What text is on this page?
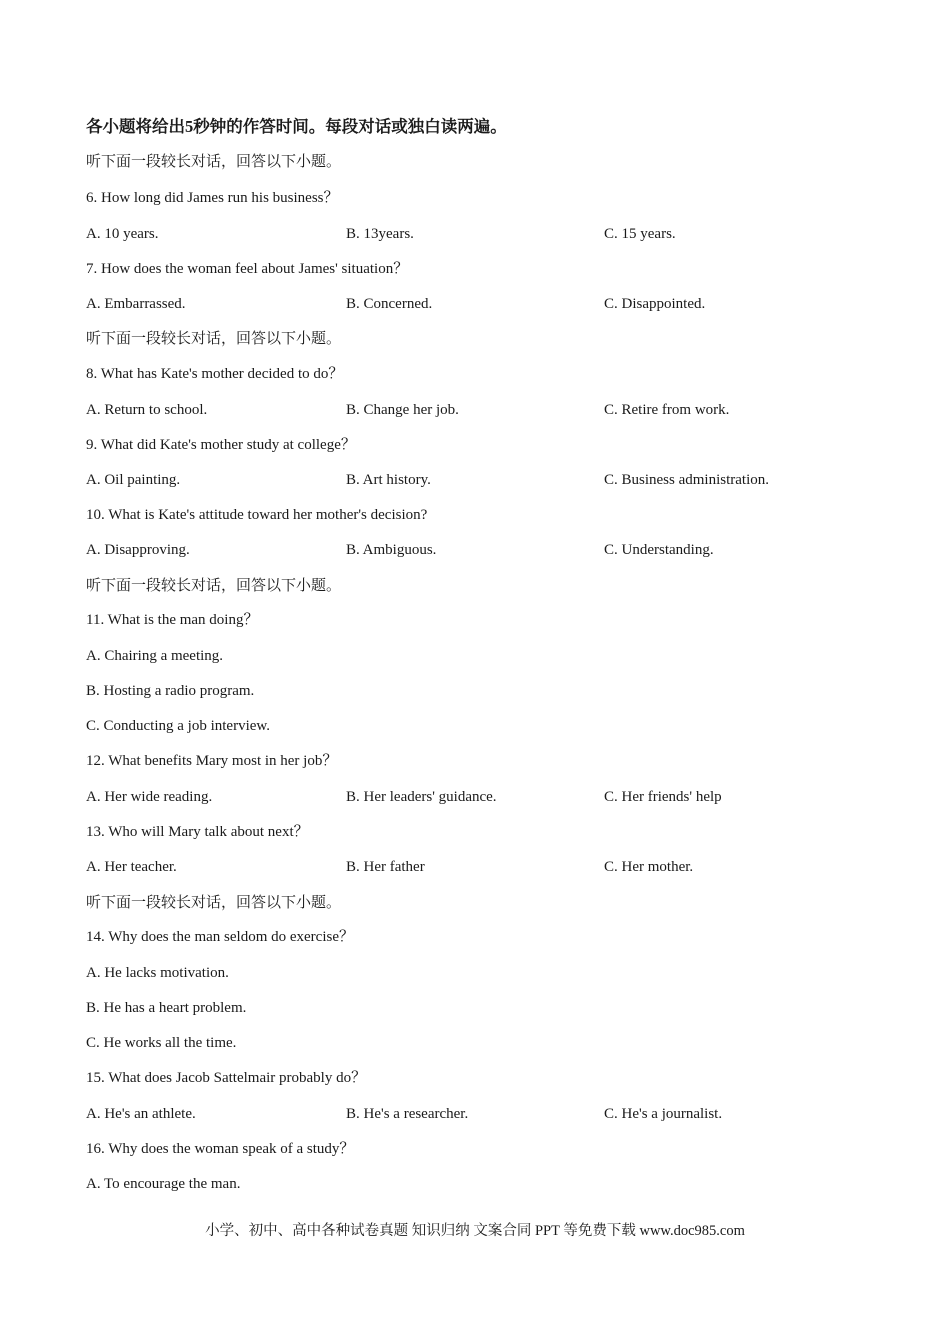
各小题将给出5秒钟的作答时间。每段对话或独白读两遍。
听下面一段较长对话，回答以下小题。
6. How long did James run his business？
A. 10 years.	B. 13years.	C. 15 years.
7. How does the woman feel about James' situation？
A. Embarrassed.	B. Concerned.	C. Disappointed.
听下面一段较长对话，回答以下小题。
8. What has Kate's mother decided to do？
A. Return to school.	B. Change her job.	C. Retire from work.
9. What did Kate's mother study at college？
A. Oil painting.	B. Art history.	C. Business administration.
10. What is Kate's attitude toward her mother's decision?
A. Disapproving.	B. Ambiguous.	C. Understanding.
听下面一段较长对话，回答以下小题。
11. What is the man doing？
A. Chairing a meeting.
B. Hosting a radio program.
C. Conducting a job interview.
12. What benefits Mary most in her job？
A. Her wide reading.	B. Her leaders' guidance.	C. Her friends' help
13. Who will Mary talk about next？
A. Her teacher.	B. Her father	C. Her mother.
听下面一段较长对话，回答以下小题。
14. Why does the man seldom do exercise？
A. He lacks motivation.
B. He has a heart problem.
C. He works all the time.
15. What does Jacob Sattelmair probably do？
A. He's an athlete.	B. He's a researcher.	C. He's a journalist.
16. Why does the woman speak of a study？
A. To encourage the man.
小学、初中、高中各种试卷真题 知识归纳 文案合同 PPT 等免费下载 www.doc985.com
